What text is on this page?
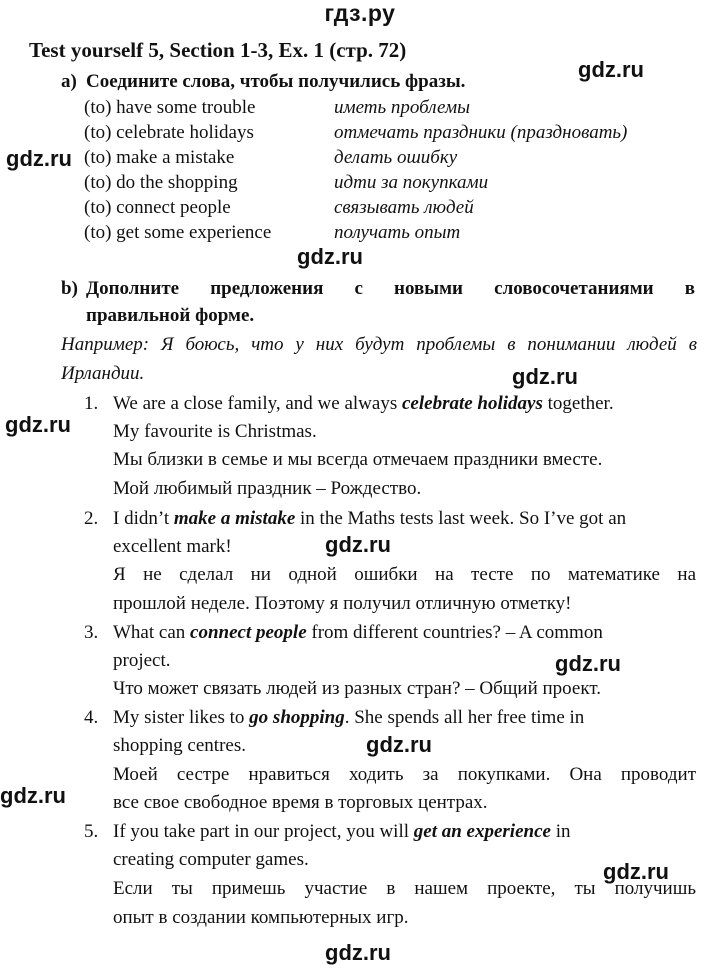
гдз.ру
Test yourself 5, Section 1-3, Ex. 1 (стр. 72)
a) Соедините слова, чтобы получились фразы.
(to) have some trouble	иметь проблемы
(to) celebrate holidays	отмечать праздники (праздновать)
(to) make a mistake	делать ошибку
(to) do the shopping	идти за покупками
(to) connect people	связывать людей
(to) get some experience	получать опыт
b) Дополните предложения с новыми словосочетаниями в
правильной форме.
Например: Я боюсь, что у них будут проблемы в понимании людей в
Ирландии.
1. We are a close family, and we always celebrate holidays together.
My favourite is Christmas.
Мы близки в семье и мы всегда отмечаем праздники вместе.
Мой любимый праздник – Рождество.
2. I didn’t make a mistake in the Maths tests last week. So I’ve got an
excellent mark!
Я не сделал ни одной ошибки на тесте по математике на
прошлой неделе. Поэтому я получил отличную отметку!
3. What can connect people from different countries? – A common
project.
Что может связать людей из разных стран? – Общий проект.
4. My sister likes to go shopping. She spends all her free time in
shopping centres.
Моей сестре нравиться ходить за покупками. Она проводит
все свое свободное время в торговых центрах.
5. If you take part in our project, you will get an experience in
creating computer games.
Если ты примешь участие в нашем проекте, ты получишь
опыт в создании компьютерных игр.
gdz.ru
gdz.ru
gdz.ru
gdz.ru
gdz.ru
gdz.ru
gdz.ru
gdz.ru
gdz.ru
gdz.ru
gdz.ru
